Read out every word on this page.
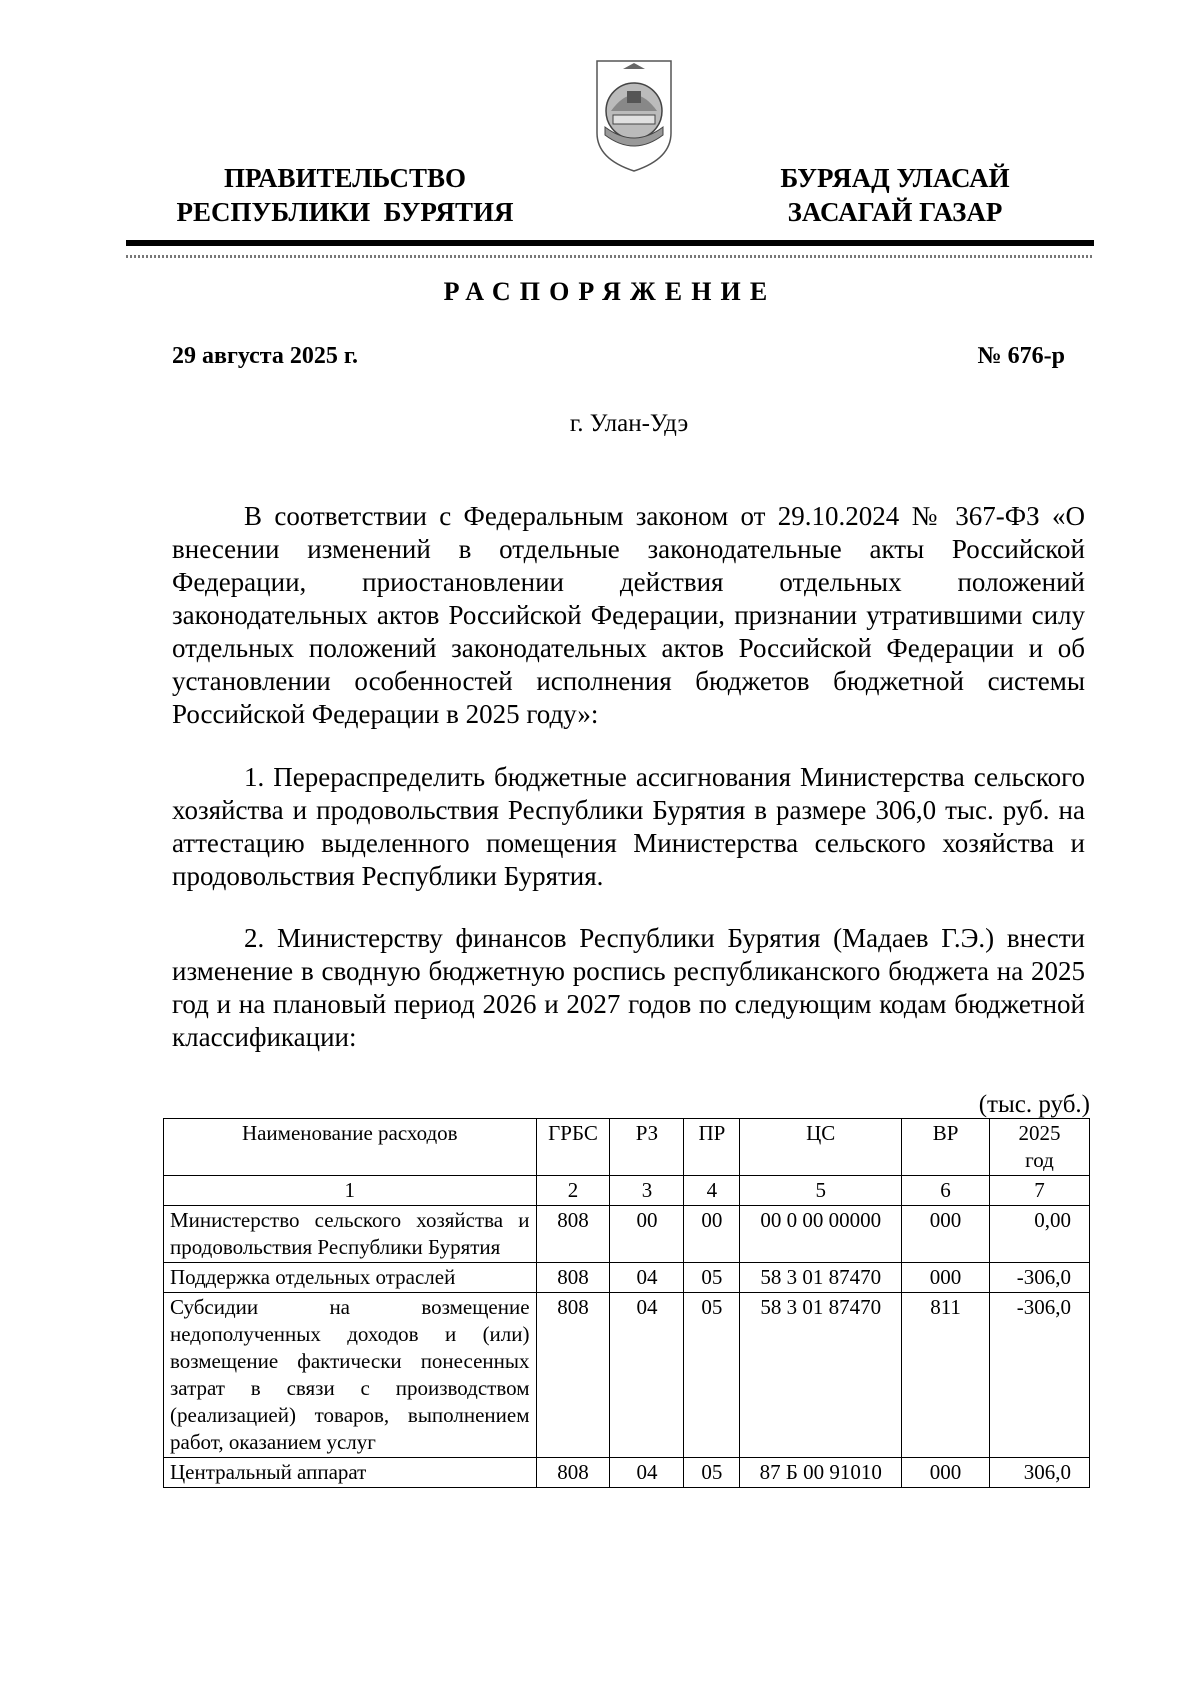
ПРАВИТЕЛЬСТВО
РЕСПУБЛИКИ  БУРЯТИЯ
БУРЯАД УЛАСАЙ
ЗАСАГАЙ ГАЗАР
РАСПОРЯЖЕНИЕ
29 августа 2025 г.	№ 676-р
г. Улан-Удэ

В соответствии с Федеральным законом от 29.10.2024 № 367-ФЗ «О внесении изменений в отдельные законодательные акты Российской Федерации, приостановлении действия отдельных положений законодательных актов Российской Федерации, признании утратившими силу отдельных положений законодательных актов Российской Федерации и об установлении особенностей исполнения бюджетов бюджетной системы Российской Федерации в 2025 году»:

1. Перераспределить бюджетные ассигнования Министерства сельского хозяйства и продовольствия Республики Бурятия в размере 306,0 тыс. руб. на аттестацию выделенного помещения Министерства сельского хозяйства и продовольствия Республики Бурятия.

2. Министерству финансов Республики Бурятия (Мадаев Г.Э.) внести изменение в сводную бюджетную роспись республиканского бюджета на 2025 год и на плановый период 2026 и 2027 годов по следующим кодам бюджетной классификации:

(тыс. руб.)
Наименование расходов	ГРБС	РЗ	ПР	ЦС	ВР	2025
год

1	2	3	4	5	6	7
Министерство сельского хозяйства и продовольствия Республики Бурятия	808	00	00	00 0 00 00000	000	0,00
Поддержка отдельных отраслей	808	04	05	58 3 01 87470	000	-306,0
Субсидии на возмещение недополученных доходов и (или) возмещение фактически понесенных затрат в связи с производством (реализацией) товаров, выполнением работ, оказанием услуг	808	04	05	58 3 01 87470	811	-306,0
Центральный аппарат	808	04	05	87 Б 00 91010	000	306,0
